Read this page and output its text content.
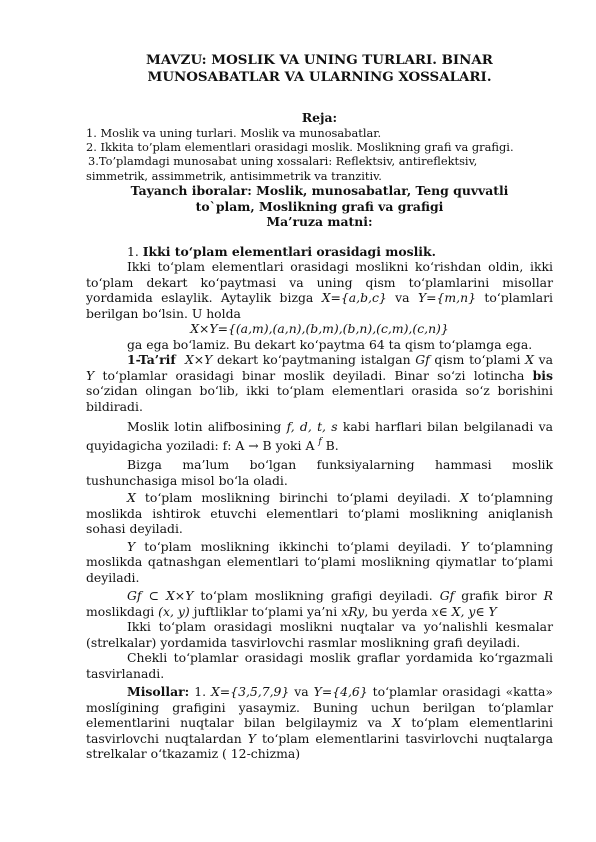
MAVZU: MOSLIK VA UNING TURLARI. BINAR
MUNOSABATLAR VA ULARNING XOSSALARI.
Reja:
1. Moslik va uning turlari. Moslik va munosabatlar.
2. Ikkita to’plam elementlari orasidagi moslik. Moslikning grafi va grafigi.
3.To’plamdagi munosabat uning xossalari: Reflektsiv, antireflektsiv,
simmetrik, assimmetrik, antisimmetrik va tranzitiv.
Tayanch iboralar: Moslik, munosabatlar, Teng quvvatli
to`plam, Moslikning grafi va grafigi
Ma’ruza matni:

1. Ikki to‘plam elementlari orasidagi moslik.

Ikki to‘plam elementlari orasidagi moslikni ko‘rishdan oldin, ikki to‘plam dekart ko‘paytmasi va uning qism to‘plamlarini misollar yordamida eslaylik. Aytaylik bizga X={a,b,c} va Y={m,n} to‘plamlari berilgan bo‘lsin. U holda

X×Y={(a,m),(a,n),(b,m),(b,n),(c,m),(c,n)}

ga ega bo‘lamiz. Bu dekart ko‘paytma 64 ta qism to‘plamga ega.

1-Ta’rif X×Y dekart ko‘paytmaning istalgan Gf qism to‘plami X va Y to‘plamlar orasidagi binar moslik deyiladi. Binar so‘zi lotincha bis so‘zidan olingan bo‘lib, ikki to‘plam elementlari orasida so‘z borishini bildiradi.

Moslik lotin alifbosining f, d, t, s kabi harflari bilan belgilanadi va quyidagicha yoziladi: f: A → B yoki A $^f$ B.

Bizga ma’lum bo‘lgan funksiyalarning hammasi moslik tushunchasiga misol bo‘la oladi.

X to‘plam moslikning birinchi to‘plami deyiladi. X to‘plamning moslikda ishtirok etuvchi elementlari to‘plami moslikning aniqlanish sohasi deyiladi.

Y to‘plam moslikning ikkinchi to‘plami deyiladi. Y to‘plamning moslikda qatnashgan elementlari to‘plami moslikning qiymatlar to‘plami deyiladi.

Gf ⊂ X×Y to‘plam moslikning grafigi deyiladi. Gf grafik biror R moslikdagi (x, y) juftliklar to‘plami ya’ni xRy, bu yerda x∈ X, y∈ Y

Ikki to‘plam orasidagi moslikni nuqtalar va yo‘nalishli kesmalar (strelkalar) yordamida tasvirlovchi rasmlar moslikning grafi deyiladi.

Chekli to‘plamlar orasidagi moslik graflar yordamida ko‘rgazmali tasvirlanadi.

Misollar: 1. X={3,5,7,9} va Y={4,6} to‘plamlar orasidagi «katta» moslígining grafigini yasaymiz. Buning uchun berilgan to‘plamlar elementlarini nuqtalar bilan belgilaymiz va X to‘plam elementlarini tasvirlovchi nuqtalardan Y to‘plam elementlarini tasvirlovchi nuqtalarga strelkalar o‘tkazamiz ( 12-chizma)
